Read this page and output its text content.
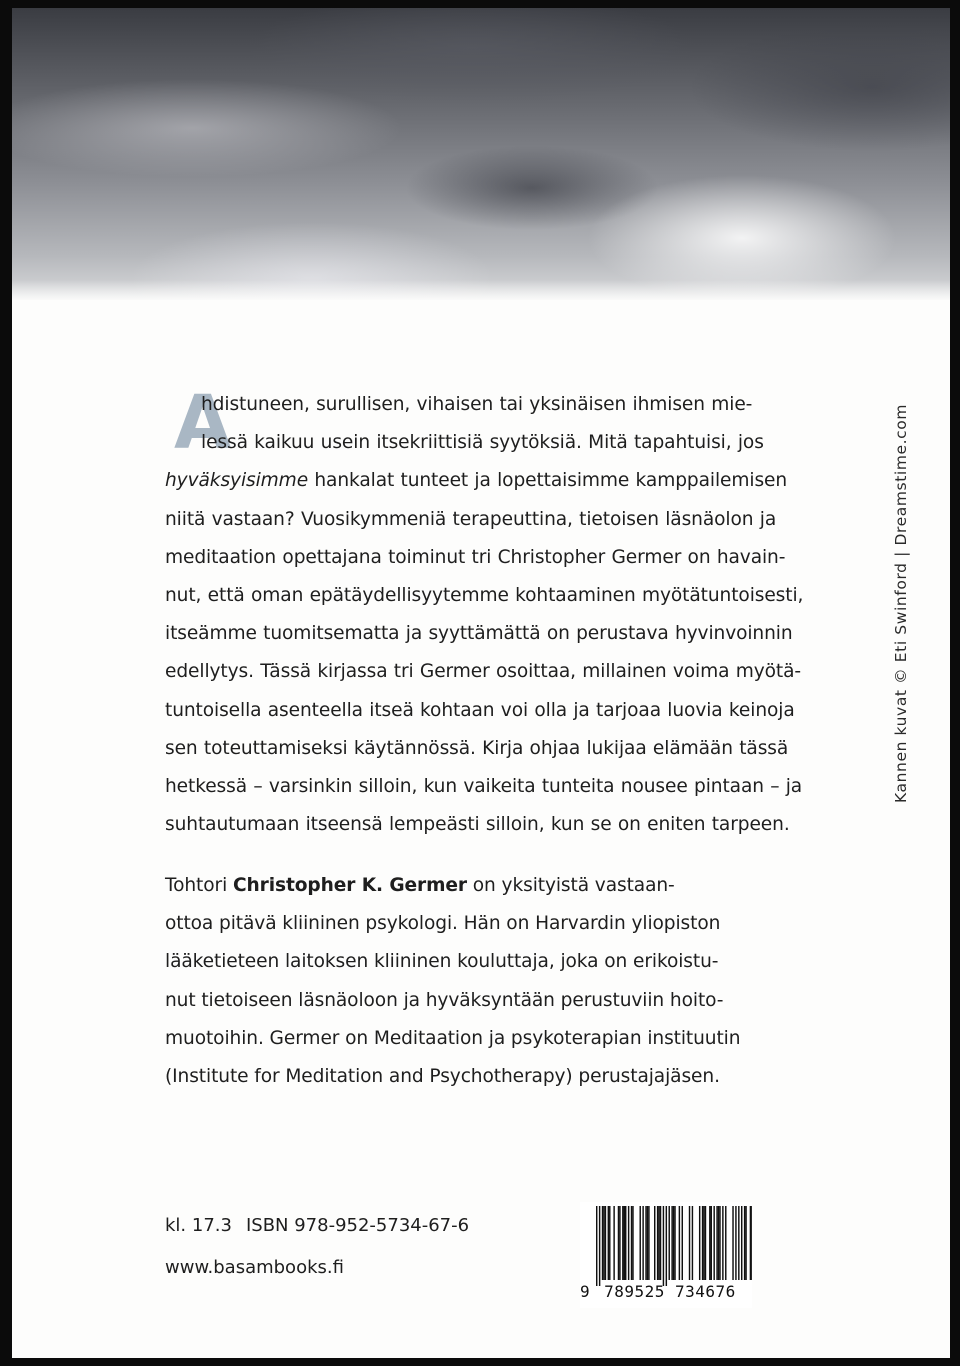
A
hdistuneen, surullisen, vihaisen tai yksinäisen ihmisen mie-
lessä kaikuu usein itsekriittisiä syytöksiä. Mitä tapahtuisi, jos
hyväksyisimme hankalat tunteet ja lopettaisimme kamppailemisen
niitä vastaan? Vuosikymmeniä terapeuttina, tietoisen läsnäolon ja
meditaation opettajana toiminut tri Christopher Germer on havain-
nut, että oman epätäydellisyytemme kohtaaminen myötätuntoisesti,
itseämme tuomitsematta ja syyttämättä on perustava hyvinvoinnin
edellytys. Tässä kirjassa tri Germer osoittaa, millainen voima myötä-
tuntoisella asenteella itseä kohtaan voi olla ja tarjoaa luovia keinoja
sen toteuttamiseksi käytännössä. Kirja ohjaa lukijaa elämään tässä
hetkessä – varsinkin silloin, kun vaikeita tunteita nousee pintaan – ja
suhtautumaan itseensä lempeästi silloin, kun se on eniten tarpeen.
Tohtori Christopher K. Germer on yksityistä vastaan-
ottoa pitävä kliininen psykologi. Hän on Harvardin yliopiston
lääketieteen laitoksen kliininen kouluttaja, joka on erikoistu-
nut tietoiseen läsnäoloon ja hyväksyntään perustuviin hoito-
muotoihin. Germer on Meditaation ja psykoterapian instituutin
(Institute for Meditation and Psychotherapy) perustajajäsen.
Kannen kuvat © Eti Swinford | Dreamstime.com
kl. 17.3 ISBN 978-952-5734-67-6
www.basambooks.fi
9 789525 734676
